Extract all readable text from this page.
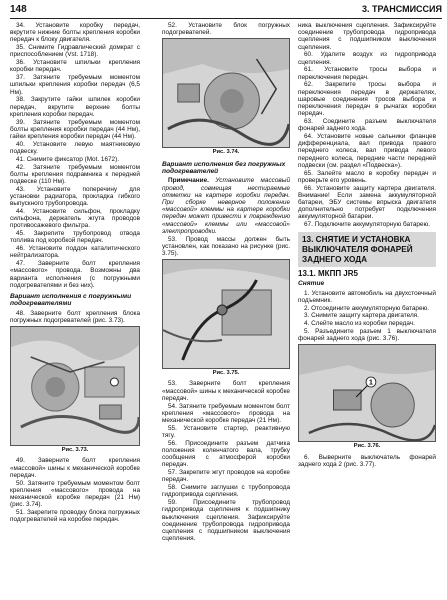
148	3. ТРАНСМИССИЯ

34. Установите коробку передач, вкрутите нижние болты крепления коробки передач к блоку двигателя.

35. Снимите Гидравлический домкрат с приспособлением (Vst. 1718).

36. Установите шпильки крепления коробки передач.

37. Затяните требуемым моментом шпильки крепления коробки передач (6,5 Нм).

38. Закрутите гайки шпилек коробки передач, вкрутите верхние болты крепления коробки передач.

39. Затяните требуемым моментом болты крепления коробки передач (44 Нм), гайки крепления коробки передач (44 Нм).

40. Установите левую маятниковую подвеску.

41. Снимите фиксатор (Mot. 1672).

42. Затяните требуемым моментом болты крепления подрамника к передней подвеске (110 Нм).

43. Установите поперечину для установки радиатора, прокладка гибкого выпускного трубопровода.

44. Установите сильфон, прокладку сильфона, держатель жгута проводов противосажевого фильтра.

45. Закрепите трубопровод отвода топлива под коробкой передач.

46. Установите поддон каталитического нейтрализатора.

47. Заверните болт крепления «массового» провода. Возможны два варианта исполнения (с погружными подогревателями и без них).

Вариант исполнения с погружными подогревателями

48. Заверните болт крепления блока погружных подогревателей (рис. 3.73).

Рис. 3.73.

49. Заверните болт крепления «массовой» шины к механической коробке передач.

50. Затяните требуемым моментом болт крепления «массового» провода на механической коробке передач (21 Нм) (рис. 3.74).

51. Закрепите проводку блока погружных подогревателей на коробке передач.

52. Установите блок погружных подогревателей.

Рис. 3.74.
Вариант исполнения без погружных подогревателей

Примечание. Установите массовый провод, совмещая нестираемые отметки на картере коробки передач. При сборке неверное положение «массовой» клеммы на картере коробки передач может привести к повреждению «массовой» клеммы или «массовой» электропроводки.

53. Провод массы должен быть установлен, как показано на рисунке (рис. 3.75).

Рис. 3.75.

53. Заверните болт крепления «массовой» шины к механической коробке передач.

54. Затяните требуемым моментом болт крепления «массового» провода на механической коробке передач (21 Нм).

55. Установите стартер, реактивную тягу.

56. Присоедините разъем датчика положения коленчатого вала, трубку сообщения с атмосферой коробки передач.

57. Закрепите жгут проводов на коробке передач.

58. Снимите заглушки с трубопровода гидропривода сцепления.

59. Присоедините трубопровод гидропривода сцепления к подшипнику выключения сцепления. Зафиксируйте соединение трубопровода гидропривода сцепления с подшипником выключения сцепления.

ника выключения сцепления. Зафиксируйте соединение трубопровода гидропривода сцепления с подшипником выключения сцепления.

60. Удалите воздух из гидропривода сцепления.

61. Установите тросы выбора и переключения передач.

62. Закрепите тросы выбора и переключения передач в держателях, шаровые соединения тросов выбора и переключения передач в рычагах коробки передач.

63. Соедините разъем выключателя фонарей заднего хода.

64. Установите новые сальники фланцев дифференциала, вал привода правого переднего колеса, вал привода левого переднего колеса, передние части передней подвески (см. раздел «Подвеска»).

65. Залейте масло в коробку передач и проверьте его уровень.

66. Установите защиту картера двигателя. Внимание! Если замена аккумуляторной батареи, ЭБУ системы впрыска двигателя дополнительно потребует подключения аккумуляторной батареи.

67. Подключите аккумуляторную батарею.

13. СНЯТИЕ И УСТАНОВКА ВЫКЛЮЧАТЕЛЯ ФОНАРЕЙ ЗАДНЕГО ХОДА
13.1. МКПП JR5
Снятие

1. Установите автомобиль на двухстоечный подъемник.

2. Отсоедините аккумуляторную батарею.

3. Снимите защиту картера двигателя.

4. Слейте масло из коробки передач.

5. Разъедините разъем 1 выключателя фонарей заднего хода (рис. 3.76).

1
Рис. 3.76.

6. Выверните выключатель фонарей заднего хода 2 (рис. 3.77).
